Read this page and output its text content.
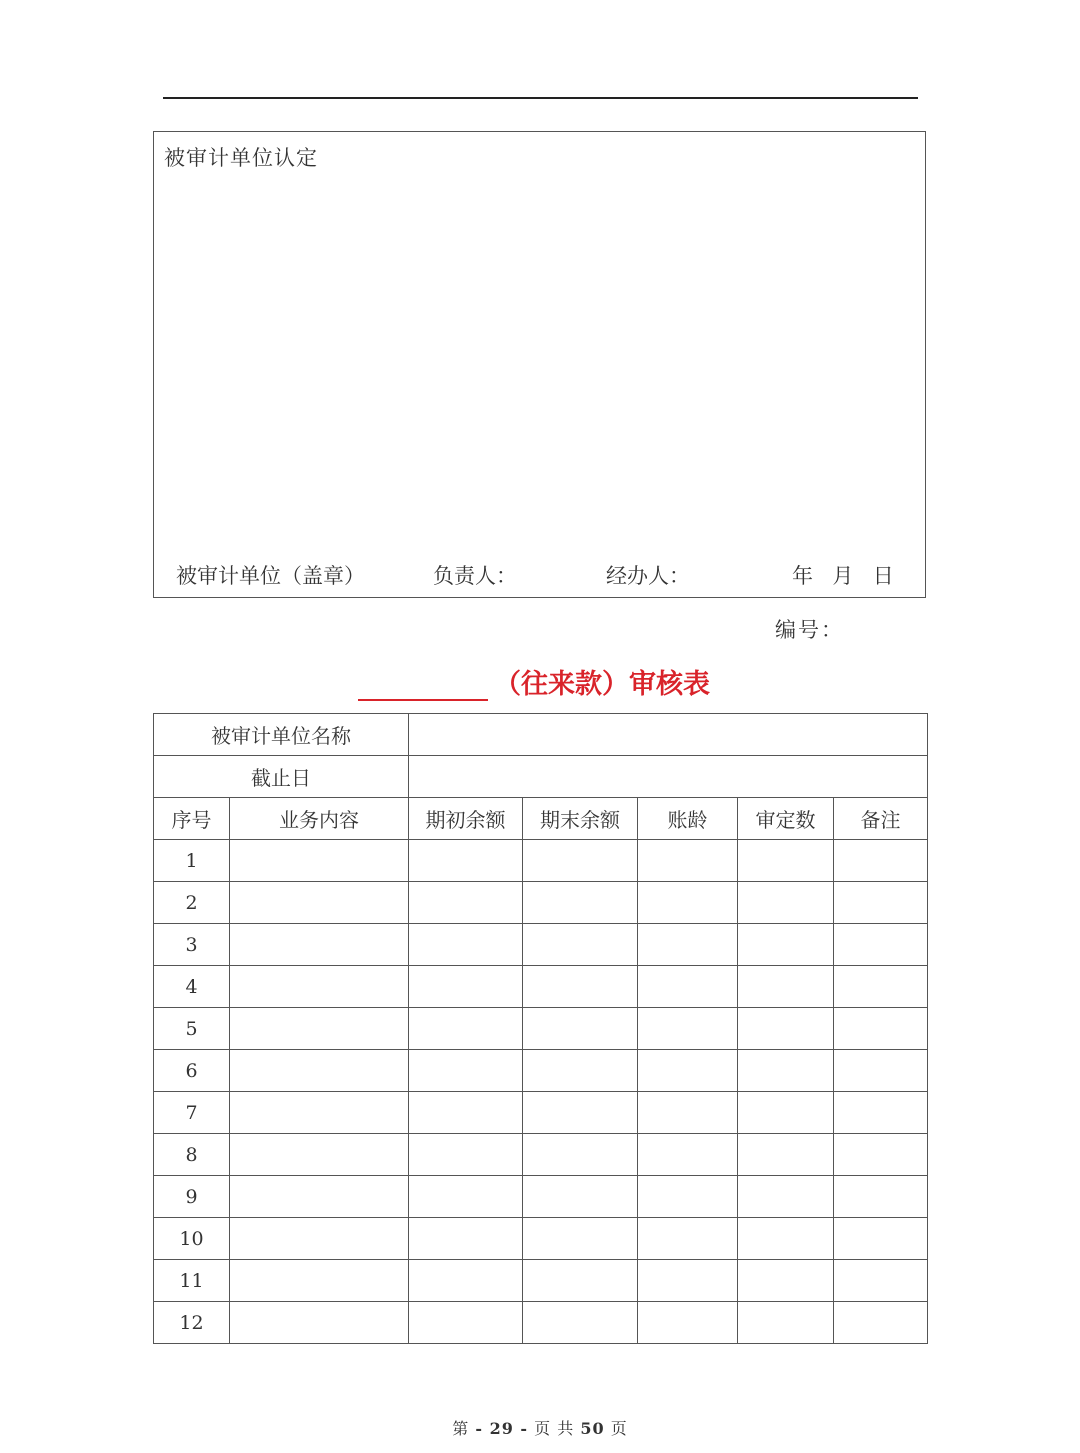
被审计单位认定
被审计单位（盖章）	负责人：	经办人：	年  月  日
编号：
（往来款）审核表
被审计单位名称						
截止日						
序号	业务内容	期初余额	期末余额	账龄	审定数	备注
1						
2						
3						
4						
5						
6						
7						
8						
9						
10						
11						
12						
第 - 29 - 页 共 50 页
